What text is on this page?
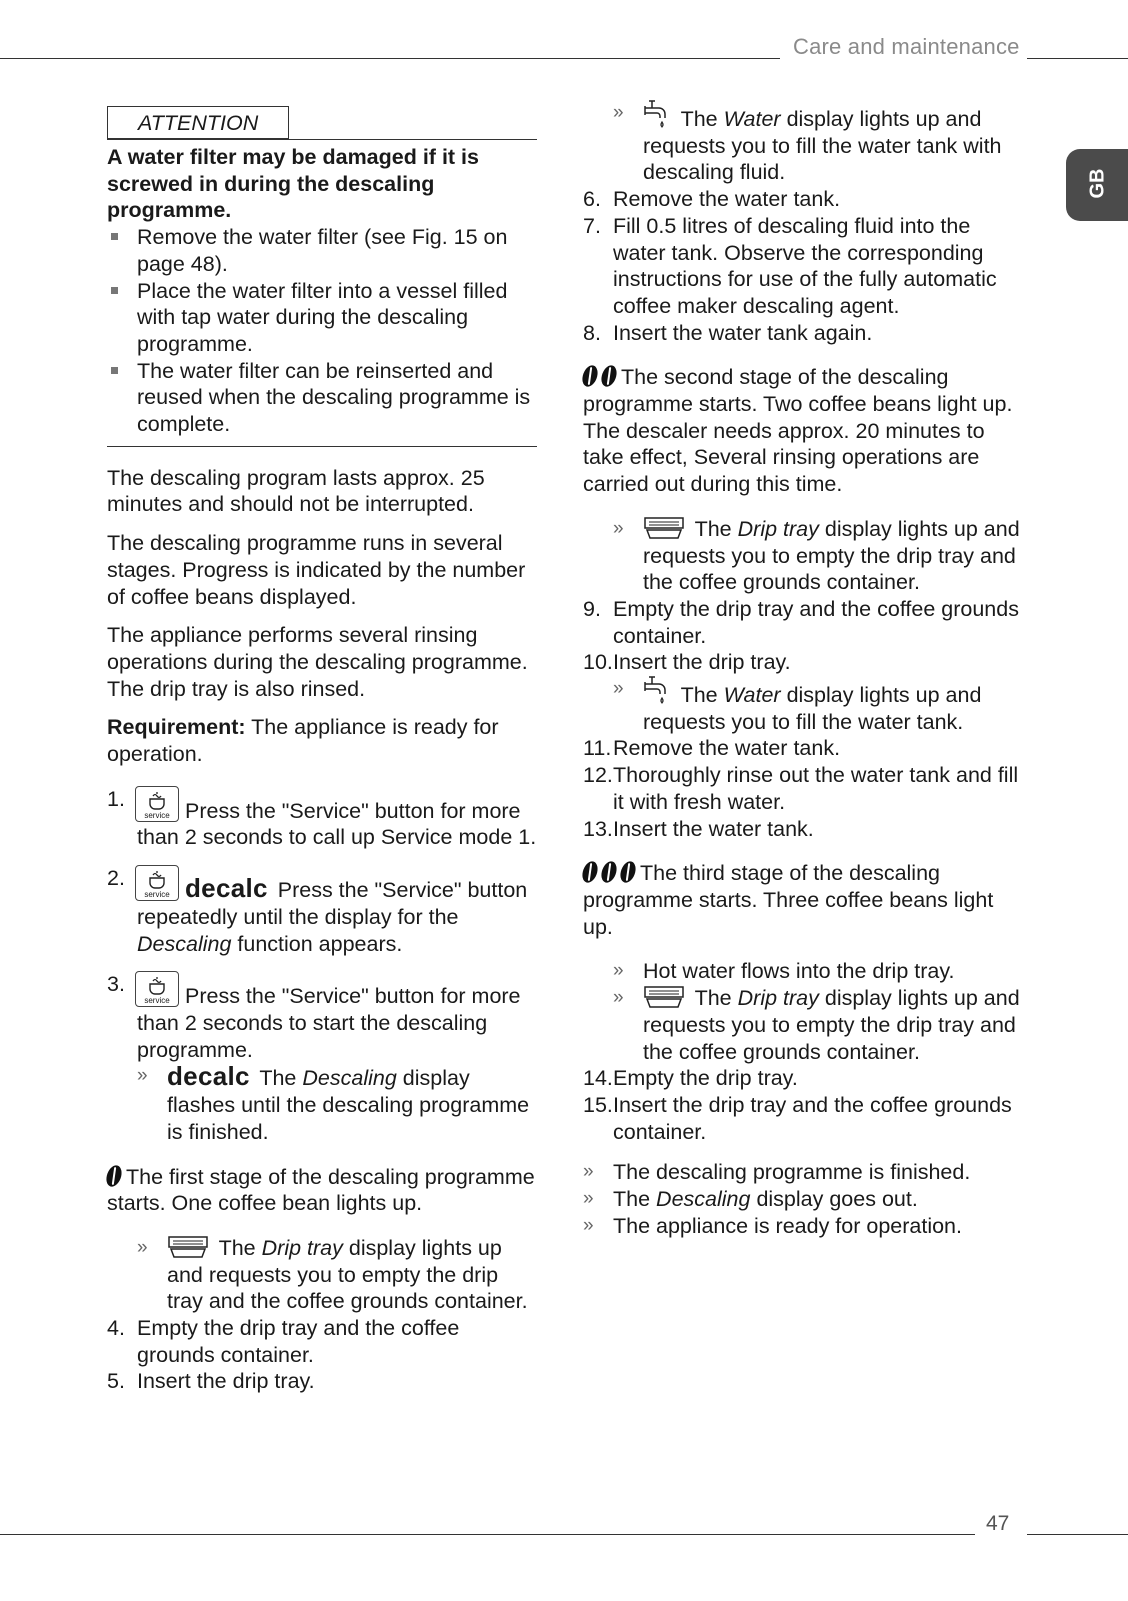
Care and maintenance
GB
47
ATTENTION

A water filter may be damaged if it is screwed in during the descaling programme.

Remove the water filter (see Fig. 15 on page 48).
Place the water filter into a vessel filled with tap water during the descaling programme.
The water filter can be reinserted and reused when the descaling programme is complete.

The descaling program lasts approx. 25 minutes and should not be interrupted.

The descaling programme runs in several stages. Progress is indicated by the number of coffee beans displayed.

The appliance performs several rinsing operations during the descaling programme. The drip tray is also rinsed.

Requirement: The appliance is ready for operation.

1.
service Press the "Service" button for more than 2 seconds to call up Service mode 1.
2.
service decalc Press the "Service" button repeatedly until the display for the Descaling function appears.
3.
service Press the "Service" button for more than 2 seconds to start the descaling programme.
» decalc The Descaling display flashes until the descaling programme is finished.

The first stage of the descaling programme starts. One coffee bean lights up.

»	The Drip tray display lights up and requests you to empty the drip tray and the coffee grounds container.
4. Empty the drip tray and the coffee grounds container.
5. Insert the drip tray.
»	The Water display lights up and requests you to fill the water tank with descaling fluid.
6. Remove the water tank.
7. Fill 0.5 litres of descaling fluid into the water tank. Observe the corresponding instructions for use of the fully automatic coffee maker descaling agent.
8. Insert the water tank again.

The second stage of the descaling programme starts. Two coffee beans light up.

The descaler needs approx. 20 minutes to take effect, Several rinsing operations are carried out during this time.

»	The Drip tray display lights up and requests you to empty the drip tray and the coffee grounds container.
9. Empty the drip tray and the coffee grounds container.
10. Insert the drip tray.
»	The Water display lights up and requests you to fill the water tank.
11. Remove the water tank.
12. Thoroughly rinse out the water tank and fill it with fresh water.
13. Insert the water tank.

The third stage of the descaling programme starts. Three coffee beans light up.

» Hot water flows into the drip tray.
»	The Drip tray display lights up and requests you to empty the drip tray and the coffee grounds container.
14. Empty the drip tray.
15. Insert the drip tray and the coffee grounds container.
» The descaling programme is finished.
» The Descaling display goes out.
» The appliance is ready for operation.
